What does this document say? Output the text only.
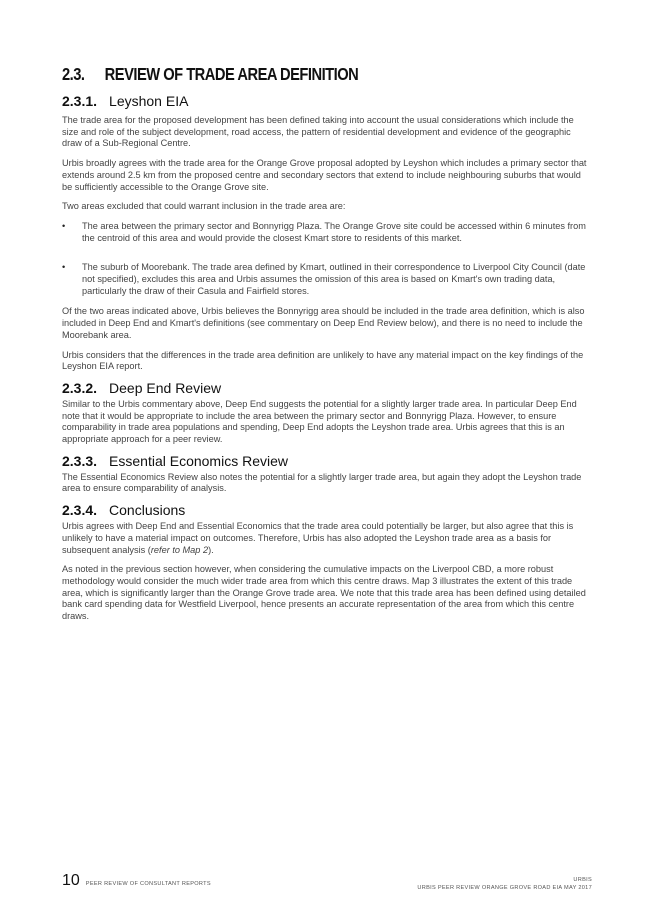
2.3. REVIEW OF TRADE AREA DEFINITION
2.3.1. Leyshon EIA

The trade area for the proposed development has been defined taking into account the usual considerations which include the size and role of the subject development, road access, the pattern of residential development and evidence of the geographic draw of a Sub-Regional Centre.

Urbis broadly agrees with the trade area for the Orange Grove proposal adopted by Leyshon which includes a primary sector that extends around 2.5 km from the proposed centre and secondary sectors that extend to include neighbouring suburbs that would be sufficiently accessible to the Orange Grove site.

Two areas excluded that could warrant inclusion in the trade area are:

• The area between the primary sector and Bonnyrigg Plaza. The Orange Grove site could be accessed within 6 minutes from the centroid of this area and would provide the closest Kmart store to residents of this market.
• The suburb of Moorebank. The trade area defined by Kmart, outlined in their correspondence to Liverpool City Council (date not specified), excludes this area and Urbis assumes the omission of this area is based on Kmart's own trading data, particularly the draw of their Casula and Fairfield stores.

Of the two areas indicated above, Urbis believes the Bonnyrigg area should be included in the trade area definition, which is also included in Deep End and Kmart's definitions (see commentary on Deep End Review below), and there is no need to include the Moorebank area.

Urbis considers that the differences in the trade area definition are unlikely to have any material impact on the key findings of the Leyshon EIA report.

2.3.2. Deep End Review

Similar to the Urbis commentary above, Deep End suggests the potential for a slightly larger trade area. In particular Deep End note that it would be appropriate to include the area between the primary sector and Bonnyrigg Plaza. However, to ensure comparability in trade area populations and spending, Deep End adopts the Leyshon trade area. Urbis agrees that this is an appropriate approach for a peer review.

2.3.3. Essential Economics Review

The Essential Economics Review also notes the potential for a slightly larger trade area, but again they adopt the Leyshon trade area to ensure comparability of analysis.

2.3.4. Conclusions

Urbis agrees with Deep End and Essential Economics that the trade area could potentially be larger, but also agree that this is unlikely to have a material impact on outcomes. Therefore, Urbis has also adopted the Leyshon trade area as a basis for subsequent analysis (refer to Map 2).

As noted in the previous section however, when considering the cumulative impacts on the Liverpool CBD, a more robust methodology would consider the much wider trade area from which this centre draws. Map 3 illustrates the extent of this trade area, which is significantly larger than the Orange Grove trade area. We note that this trade area has been defined using detailed bank card spending data for Westfield Liverpool, hence presents an accurate representation of the area from which this centre draws.

10 PEER REVIEW OF CONSULTANT REPORTS
URBIS
URBIS PEER REVIEW ORANGE GROVE ROAD EIA MAY 2017
